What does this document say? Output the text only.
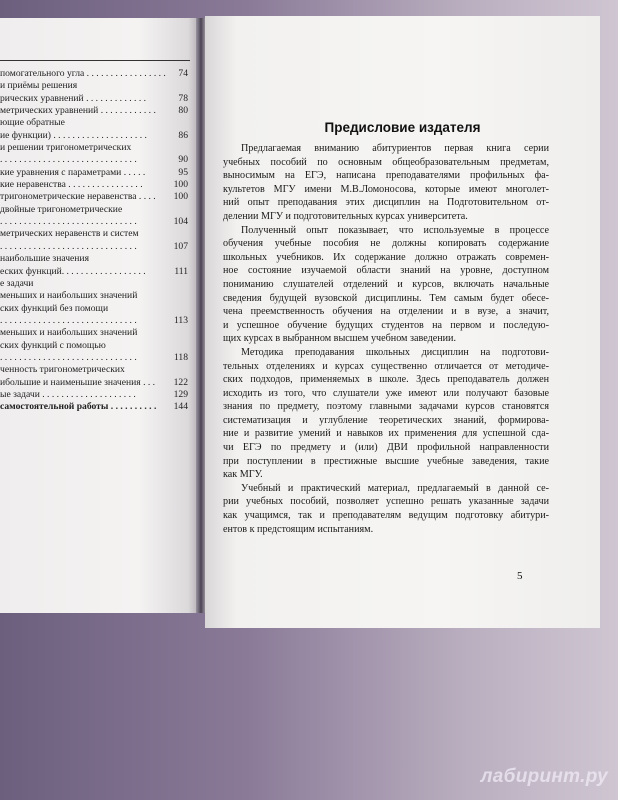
помогательного угла . . . . . . . . . . . . . . . . .	74
и приёмы решения
рических уравнений . . . . . . . . . . . . .	78
метрических уравнений . . . . . . . . . . . .	80
ющие обратные
ие функции) . . . . . . . . . . . . . . . . . . . .	86
и решении тригонометрических
. . . . . . . . . . . . . . . . . . . . . . . . . . . . .	90
кие уравнения с параметрами . . . . .	95
кие неравенства . . . . . . . . . . . . . . . .	100
тригонометрические неравенства . . . .	100
двойные тригонометрические
. . . . . . . . . . . . . . . . . . . . . . . . . . . . .	104
метрических неравенств и систем
. . . . . . . . . . . . . . . . . . . . . . . . . . . . .	107
наибольшие значения
еских функций. . . . . . . . . . . . . . . . . .	111
е задачи
меньших и наибольших значений
ских функций без помощи
. . . . . . . . . . . . . . . . . . . . . . . . . . . . .	113
меньших и наибольших значений
ских функций с помощью
. . . . . . . . . . . . . . . . . . . . . . . . . . . . .	118
ченность тригонометрических
ибольшие и наименьшие значения . . .	122
ые задачи . . . . . . . . . . . . . . . . . . . .	129
самостоятельной работы . . . . . . . . . .	144
Предисловие издателя
Предлагаемая вниманию абитуриентов первая книга серии
учебных пособий по основным общеобразовательным предметам,
выносимым на ЕГЭ, написана преподавателями профильных фа-
культетов МГУ имени М.В.Ломоносова, которые имеют многолет-
ний опыт преподавания этих дисциплин на Подготовительном от-
делении МГУ и подготовительных курсах университета.
Полученный опыт показывает, что используемые в процессе
обучения учебные пособия не должны копировать содержание
школьных учебников. Их содержание должно отражать современ-
ное состояние изучаемой области знаний на уровне, доступном
пониманию слушателей отделений и курсов, включать начальные
сведения будущей вузовской дисциплины. Тем самым будет обесе-
чена преемственность обучения на отделении и в вузе, а значит,
и успешное обучение будущих студентов на первом и последую-
щих курсах в выбранном высшем учебном заведении.
Методика преподавания школьных дисциплин на подготови-
тельных отделениях и курсах существенно отличается от методиче-
ских подходов, применяемых в школе. Здесь преподаватель должен
исходить из того, что слушатели уже имеют или получают базовые
знания по предмету, поэтому главными задачами курсов становятся
систематизация и углубление теоретических знаний, формирова-
ние и развитие умений и навыков их применения для успешной сда-
чи ЕГЭ по предмету и (или) ДВИ профильной направленности
при поступлении в престижные высшие учебные заведения, такие
как МГУ.
Учебный и практический материал, предлагаемый в данной се-
рии учебных пособий, позволяет успешно решать указанные задачи
как учащимся, так и преподавателям ведущим подготовку абитури-
ентов к предстоящим испытаниям.
5
лабиринт.ру
